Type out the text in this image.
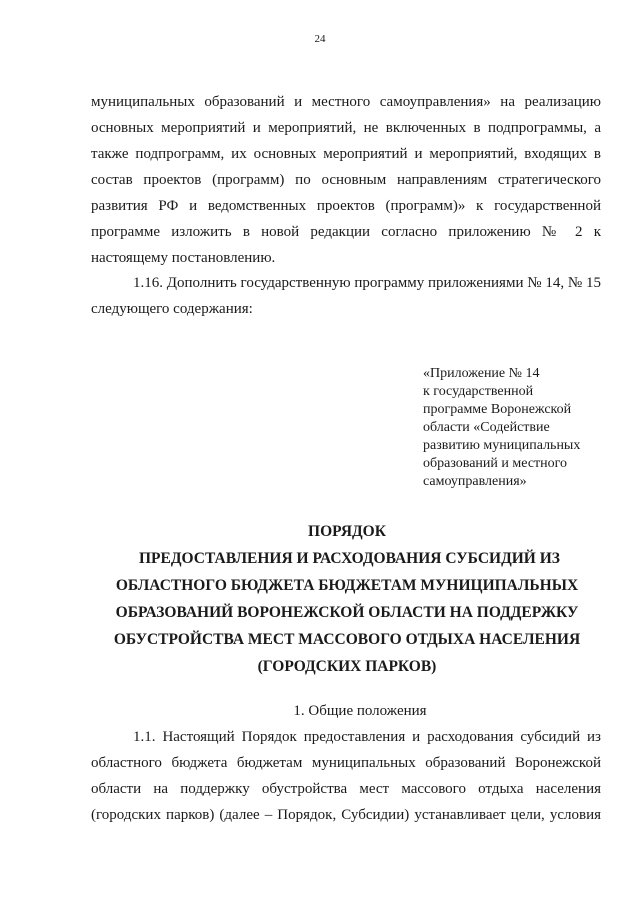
24

муниципальных образований и местного самоуправления» на реализацию основных мероприятий и мероприятий, не включенных в подпрограммы, а также подпрограмм, их основных мероприятий и мероприятий, входящих в состав проектов (программ) по основным направлениям стратегического развития РФ и ведомственных проектов (программ)» к государственной программе изложить в новой редакции согласно приложению № 2 к настоящему постановлению.

1.16. Дополнить государственную программу приложениями № 14, № 15 следующего содержания:

«Приложение № 14
к государственной
программе Воронежской
области «Содействие
развитию муниципальных
образований и местного
самоуправления»
ПОРЯДОК
ПРЕДОСТАВЛЕНИЯ И РАСХОДОВАНИЯ СУБСИДИЙ ИЗ
ОБЛАСТНОГО БЮДЖЕТА БЮДЖЕТАМ МУНИЦИПАЛЬНЫХ
ОБРАЗОВАНИЙ ВОРОНЕЖСКОЙ ОБЛАСТИ НА ПОДДЕРЖКУ
ОБУСТРОЙСТВА МЕСТ МАССОВОГО ОТДЫХА НАСЕЛЕНИЯ
(ГОРОДСКИХ ПАРКОВ)
1. Общие положения

1.1. Настоящий Порядок предоставления и расходования субсидий из областного бюджета бюджетам муниципальных образований Воронежской области на поддержку обустройства мест массового отдыха населения (городских парков) (далее – Порядок, Субсидии) устанавливает цели, условия
